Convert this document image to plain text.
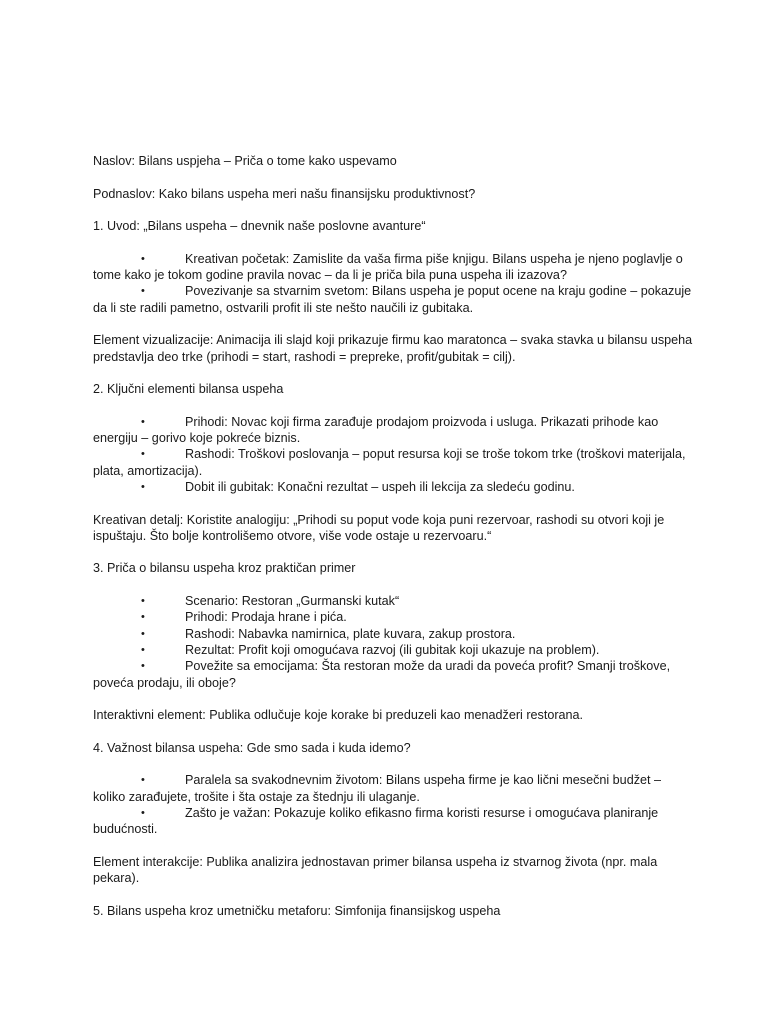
Naslov: Bilans uspjeha – Priča o tome kako uspevamo

Podnaslov: Kako bilans uspeha meri našu finansijsku produktivnost?

1. Uvod: „Bilans uspeha – dnevnik naše poslovne avanture“

•	Kreativan početak: Zamislite da vaša firma piše knjigu. Bilans uspeha je njeno poglavlje o tome kako je tokom godine pravila novac – da li je priča bila puna uspeha ili izazova?
•	Povezivanje sa stvarnim svetom: Bilans uspeha je poput ocene na kraju godine – pokazuje da li ste radili pametno, ostvarili profit ili ste nešto naučili iz gubitaka.

Element vizualizacije: Animacija ili slajd koji prikazuje firmu kao maratonca – svaka stavka u bilansu uspeha predstavlja deo trke (prihodi = start, rashodi = prepreke, profit/gubitak = cilj).

2. Ključni elementi bilansa uspeha

•	Prihodi: Novac koji firma zarađuje prodajom proizvoda i usluga. Prikazati prihode kao energiju – gorivo koje pokreće biznis.
•	Rashodi: Troškovi poslovanja – poput resursa koji se troše tokom trke (troškovi materijala, plata, amortizacija).
•	Dobit ili gubitak: Konačni rezultat – uspeh ili lekcija za sledeću godinu.

Kreativan detalj: Koristite analogiju: „Prihodi su poput vode koja puni rezervoar, rashodi su otvori koji je ispuštaju. Što bolje kontrolišemo otvore, više vode ostaje u rezervoaru.“

3. Priča o bilansu uspeha kroz praktičan primer

•	Scenario: Restoran „Gurmanski kutak“
•	Prihodi: Prodaja hrane i pića.
•	Rashodi: Nabavka namirnica, plate kuvara, zakup prostora.
•	Rezultat: Profit koji omogućava razvoj (ili gubitak koji ukazuje na problem).
•	Povežite sa emocijama: Šta restoran može da uradi da poveća profit? Smanji troškove, poveća prodaju, ili oboje?

Interaktivni element: Publika odlučuje koje korake bi preduzeli kao menadžeri restorana.

4. Važnost bilansa uspeha: Gde smo sada i kuda idemo?

•	Paralela sa svakodnevnim životom: Bilans uspeha firme je kao lični mesečni budžet – koliko zarađujete, trošite i šta ostaje za štednju ili ulaganje.
•	Zašto je važan: Pokazuje koliko efikasno firma koristi resurse i omogućava planiranje budućnosti.

Element interakcije: Publika analizira jednostavan primer bilansa uspeha iz stvarnog života (npr. mala pekara).

5. Bilans uspeha kroz umetničku metaforu: Simfonija finansijskog uspeha
